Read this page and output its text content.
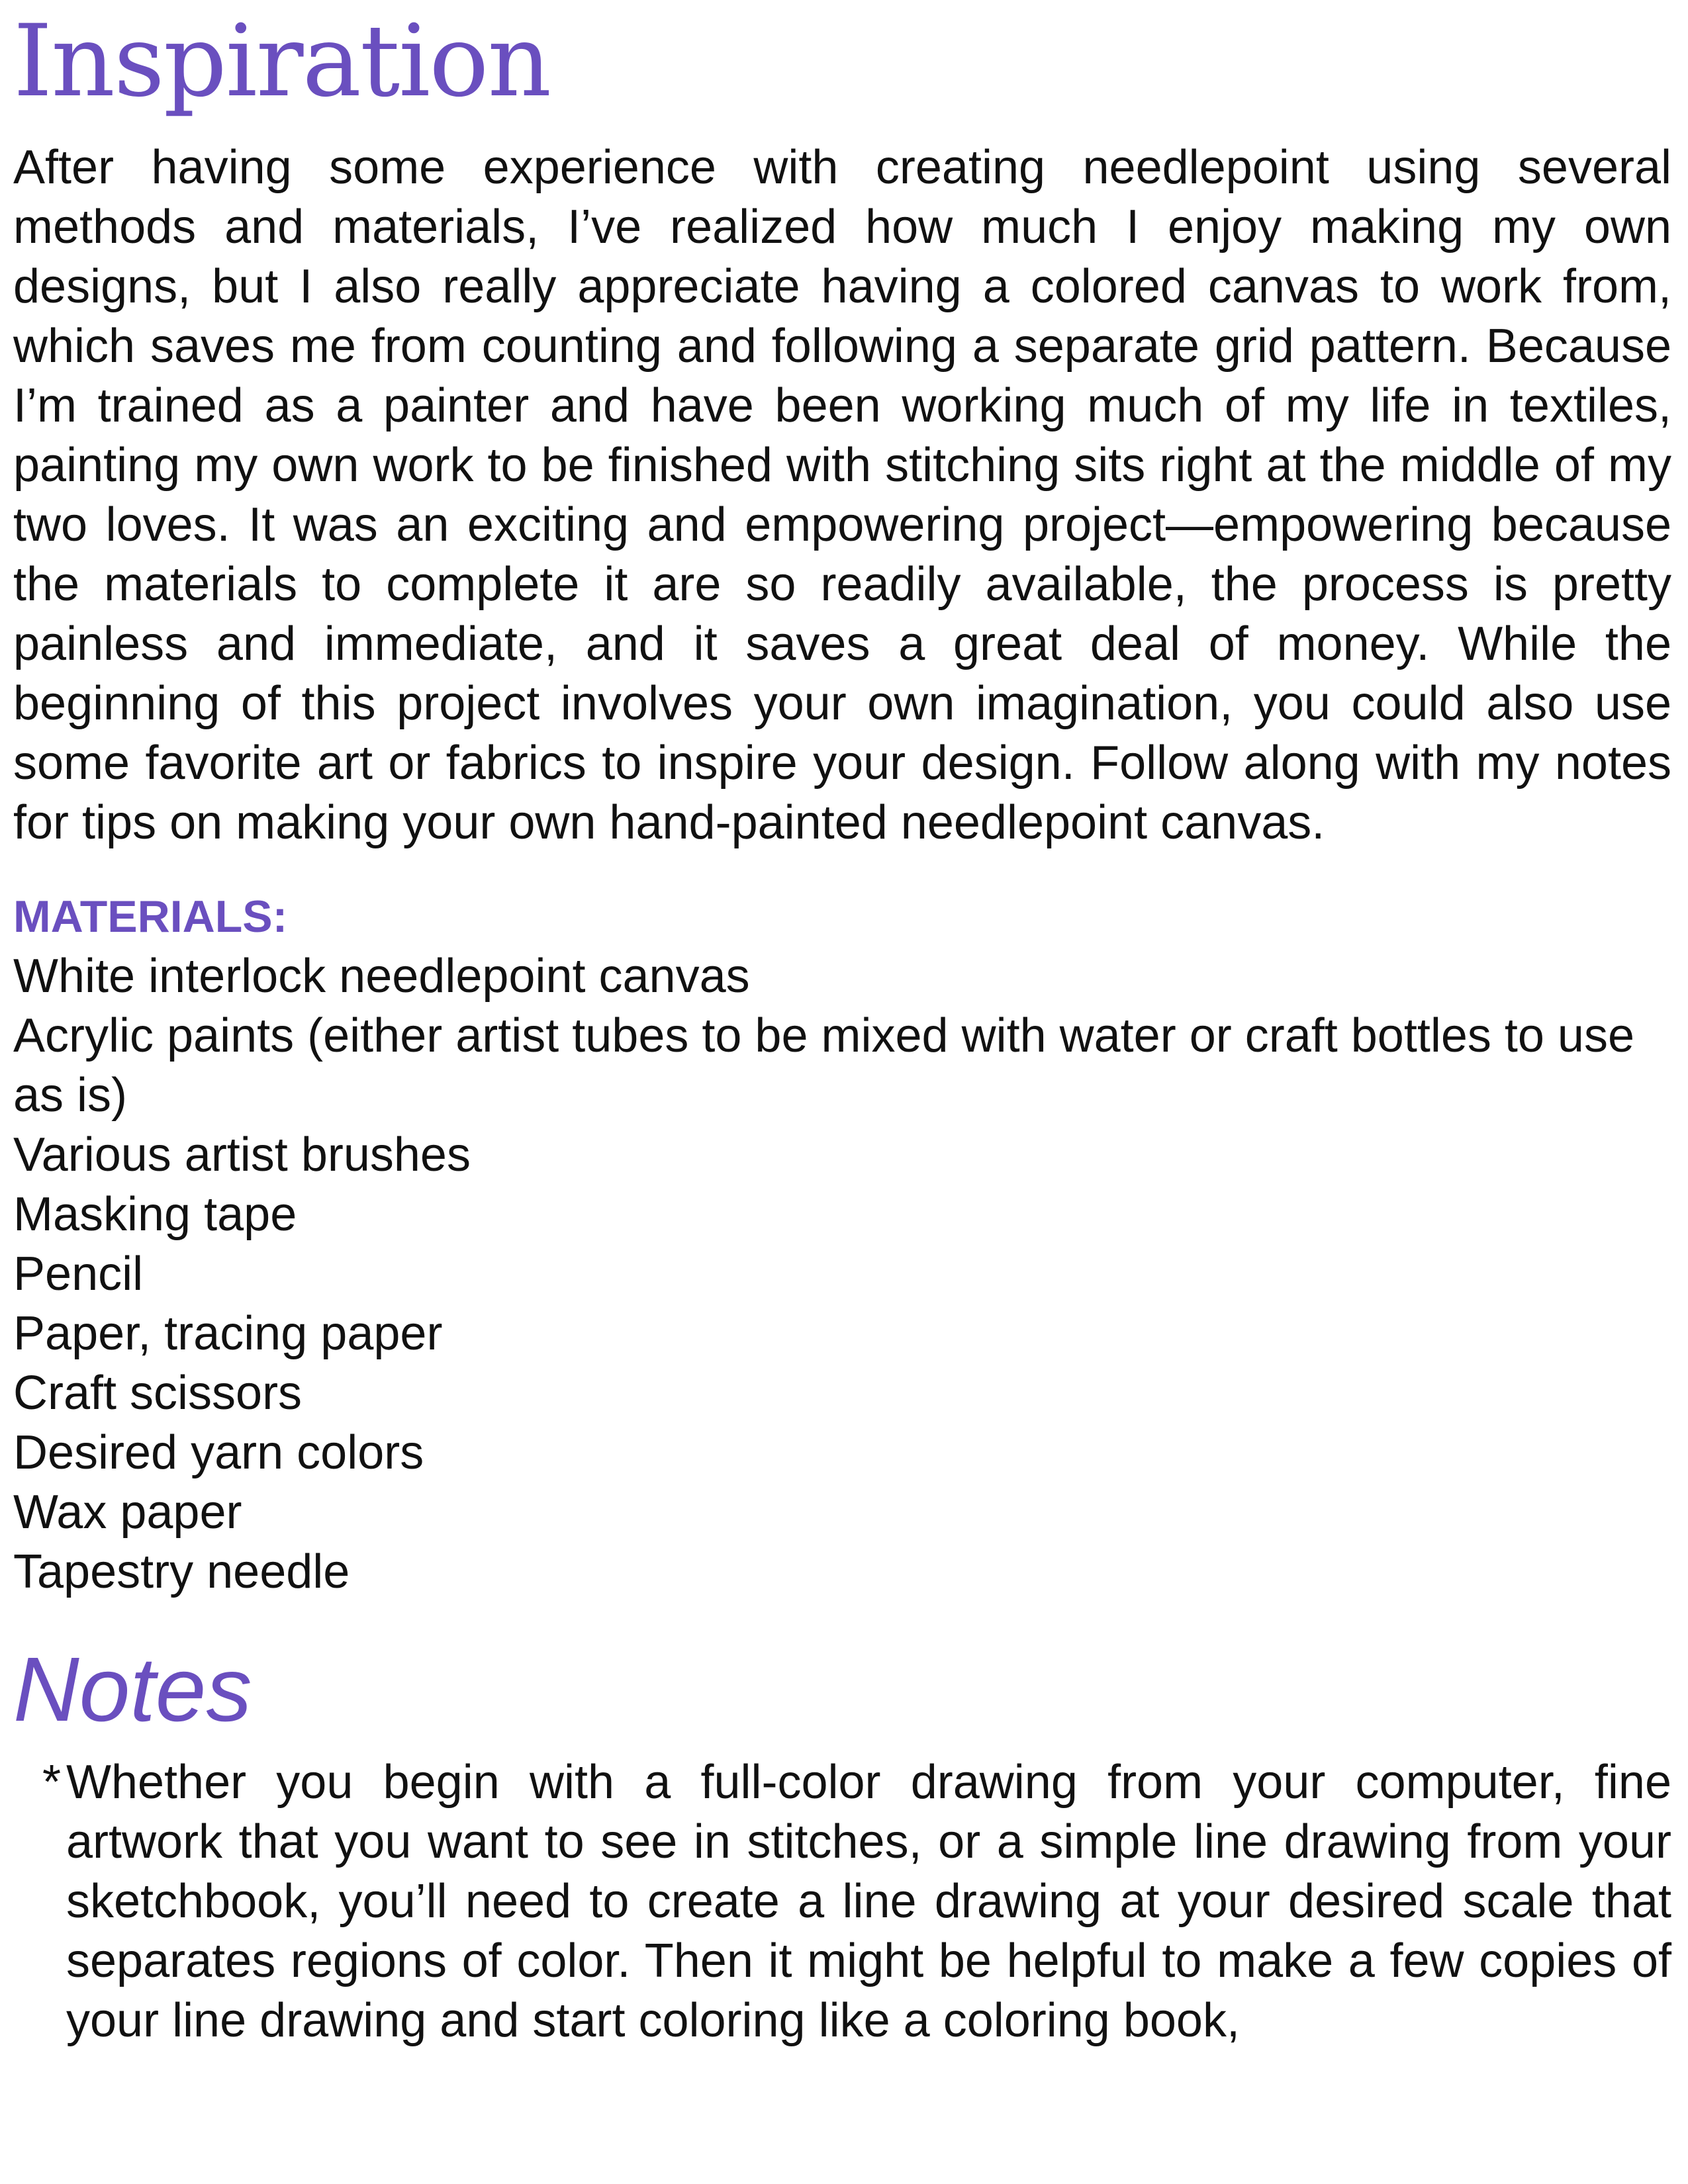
Inspiration

After having some experience with creating needlepoint using several methods and materials, I’ve realized how much I enjoy making my own designs, but I also really appreciate having a colored canvas to work from, which saves me from counting and following a separate grid pattern. Because I’m trained as a painter and have been working much of my life in textiles, painting my own work to be finished with stitching sits right at the middle of my two loves. It was an exciting and empowering project—empowering because the materials to complete it are so readily available, the process is pretty painless and immediate, and it saves a great deal of money. While the beginning of this project involves your own imagination, you could also use some favorite art or fabrics to inspire your design. Follow along with my notes for tips on making your own hand-painted needlepoint canvas.

MATERIALS:
White interlock needlepoint canvas
Acrylic paints (either artist tubes to be mixed with water or craft bottles to use as is)
Various artist brushes
Masking tape
Pencil
Paper, tracing paper
Craft scissors
Desired yarn colors
Wax paper
Tapestry needle
Notes
* Whether you begin with a full-color drawing from your computer, fine artwork that you want to see in stitches, or a simple line drawing from your sketchbook, you’ll need to create a line drawing at your desired scale that separates regions of color. Then it might be helpful to make a few copies of your line drawing and start coloring like a coloring book,
